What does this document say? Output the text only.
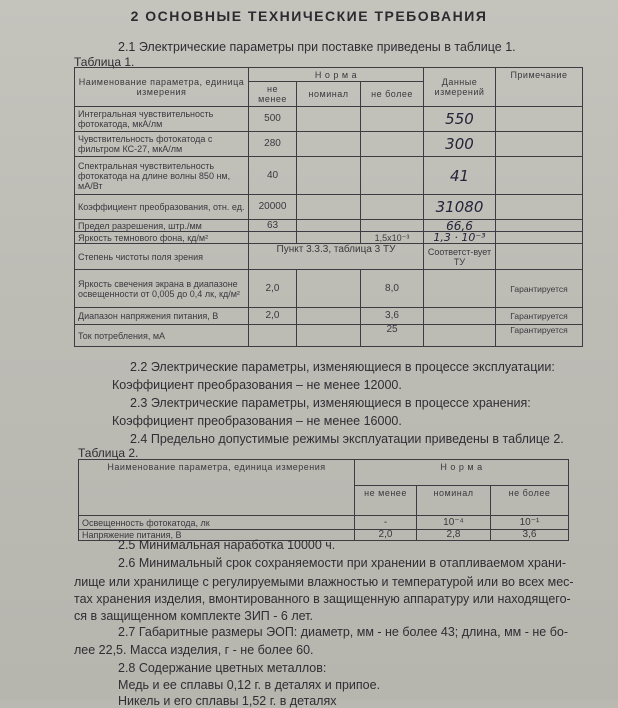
2 ОСНОВНЫЕ ТЕХНИЧЕСКИЕ ТРЕБОВАНИЯ
2.1 Электрические параметры при поставке приведены в таблице 1.
Таблица 1.
Наименование параметра, единица измерения	Н о р м а			Данные измерений	Примечание
	не менее	номинал	не более		
Интегральная чувствительность фотокатода, мкА/лм	500			550	
Чувствительность фотокатода с фильтром КС-27, мкА/лм	280			300	
Спектральная чувствительность фотокатода на длине волны 850 нм, мА/Вт	40			41	
Коэффициент преобразования, отн. ед.	20000			31080	
Предел разрешения, штр./мм	63			66,6	
Яркость темнового фона, кд/м²			1,5x10⁻³	1,3 · 10⁻³	
Степень чистоты поля зрения	Пункт 3.3.3, таблица 3 ТУ			Соответст-вует ТУ	
Яркость свечения экрана в диапазоне освещенности от 0,005 до 0,4 лк, кд/м²	2,0		8,0		Гарантируется
Диапазон напряжения питания, В	2,0		3,6		Гарантируется
Ток потребления, мА			25		Гарантируется
2.2 Электрические параметры, изменяющиеся в процессе эксплуатации:
Коэффициент преобразования – не менее 12000.
2.3 Электрические параметры, изменяющиеся в процессе хранения:
Коэффициент преобразования – не менее 16000.
2.4 Предельно допустимые режимы эксплуатации приведены в таблице 2.
Таблица 2.
Наименование параметра, единица измерения	Н о р м а		
	не менее	номинал	не более
Освещенность фотокатода, лк	-	10⁻⁴	10⁻¹
Напряжение питания, В	2,0	2,8	3,6
2.5 Минимальная наработка 10000 ч.
2.6 Минимальный срок сохраняемости при хранении в отапливаемом храни-
лище или хранилище с регулируемыми влажностью и температурой или во всех мес-
тах хранения изделия, вмонтированного в защищенную аппаратуру или находящего-
ся в защищенном комплекте ЗИП - 6 лет.
2.7 Габаритные размеры ЭОП: диаметр, мм - не более 43; длина, мм - не бо-
лее 22,5. Масса изделия, г - не более 60.
2.8 Содержание цветных металлов:
Медь и ее сплавы 0,12 г. в деталях и припое.
Никель и его сплавы 1,52 г. в деталях
